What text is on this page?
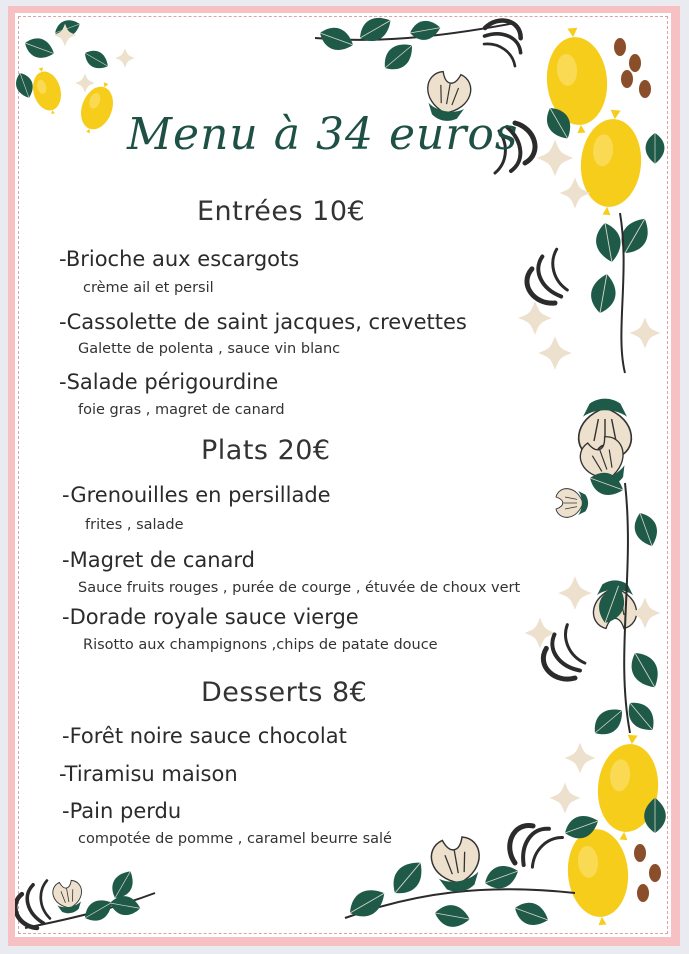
Menu à 34 euros
Entrées 10€
-Brioche aux escargots
crème ail et persil
-Cassolette de saint jacques, crevettes
Galette de polenta , sauce vin blanc
-Salade périgourdine
foie gras , magret de canard
Plats 20€
-Grenouilles en persillade
frites , salade
-Magret de canard
Sauce fruits rouges , purée de courge , étuvée de choux vert
-Dorade royale sauce vierge
Risotto aux champignons ,chips de patate douce
Desserts 8€
-Forêt noire sauce chocolat
-Tiramisu maison
-Pain perdu
compotée de pomme , caramel beurre salé
